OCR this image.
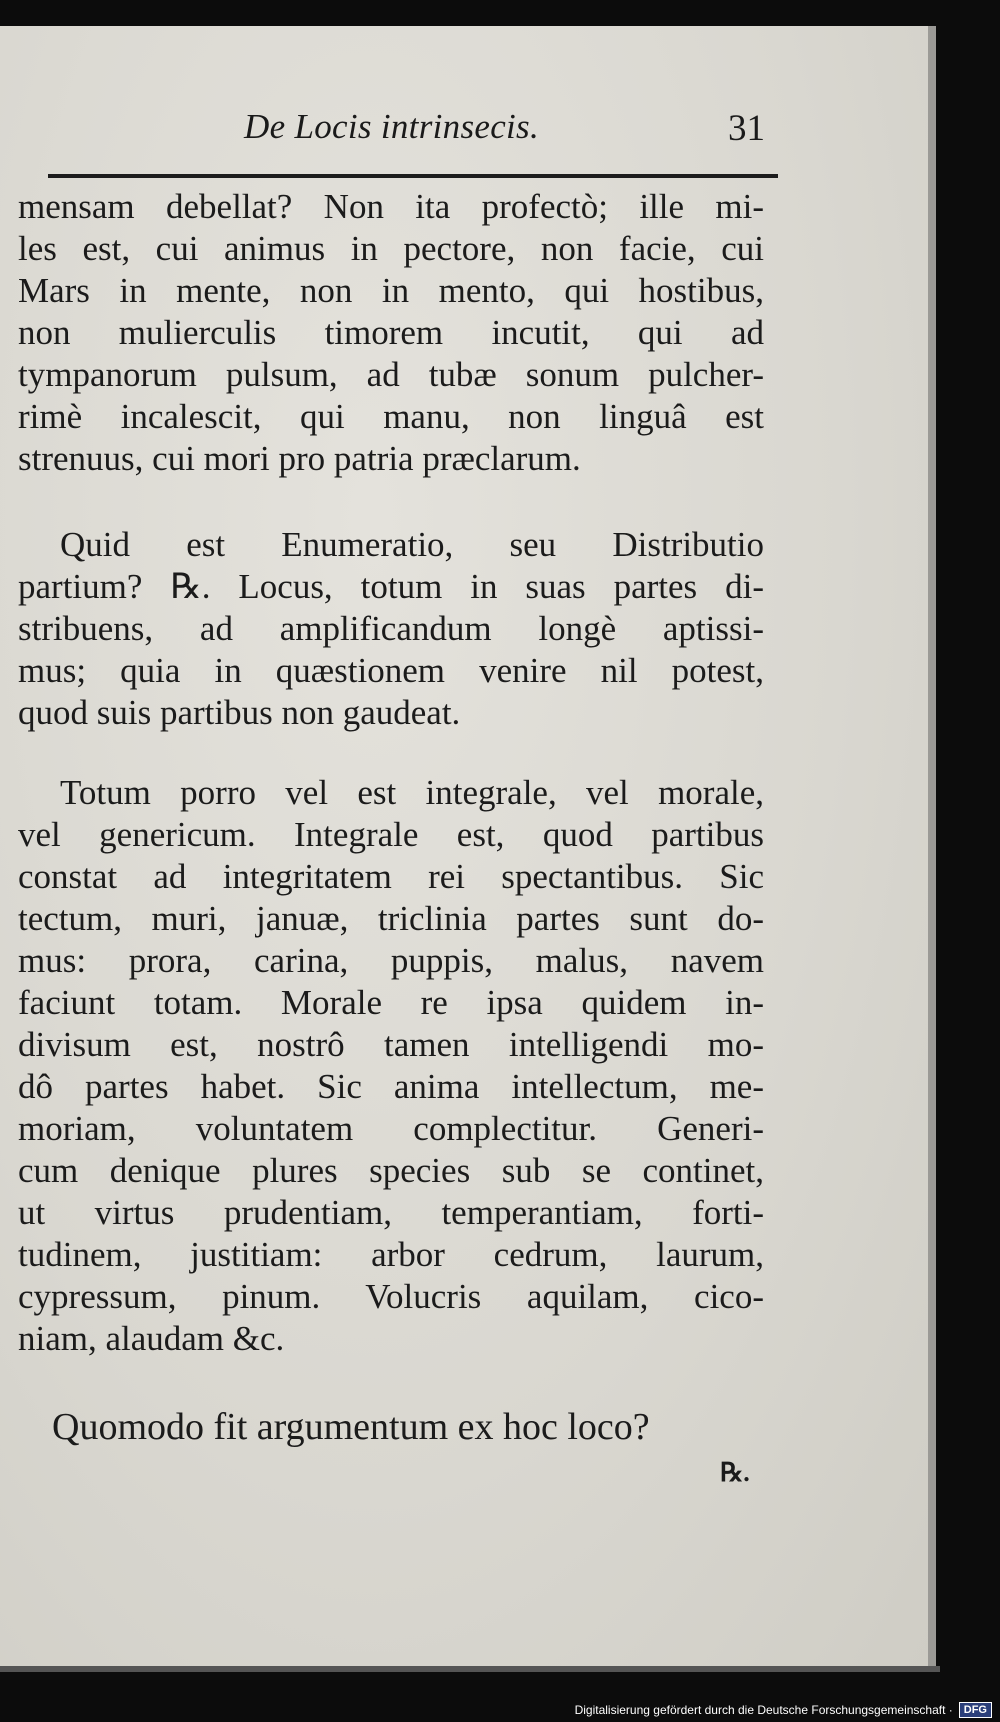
De Locis intrinsecis.	31
mensam debellat? Non ita profectò; ille mi-
les est, cui animus in pectore, non facie, cui
Mars in mente, non in mento, qui hostibus,
non mulierculis timorem incutit, qui ad
tympanorum pulsum, ad tubæ sonum pulcher-
rimè incalescit, qui manu, non linguâ est
strenuus, cui mori pro patria præclarum.
Quid est Enumeratio, seu Distributio
partium? ℞. Locus, totum in suas partes di-
stribuens, ad amplificandum longè aptissi-
mus; quia in quæstionem venire nil potest,
quod suis partibus non gaudeat.
Totum porro vel est integrale, vel morale,
vel genericum. Integrale est, quod partibus
constat ad integritatem rei spectantibus. Sic
tectum, muri, januæ, triclinia partes sunt do-
mus: prora, carina, puppis, malus, navem
faciunt totam. Morale re ipsa quidem in-
divisum est, nostrô tamen intelligendi mo-
dô partes habet. Sic anima intellectum, me-
moriam, voluntatem complectitur. Generi-
cum denique plures species sub se continet,
ut virtus prudentiam, temperantiam, forti-
tudinem, justitiam: arbor cedrum, laurum,
cypressum, pinum. Volucris aquilam, cico-
niam, alaudam &c.
Quomodo fit argumentum ex hoc loco?
℞.
Digitalisierung gefördert durch die Deutsche Forschungsgemeinschaft ·	DFG
